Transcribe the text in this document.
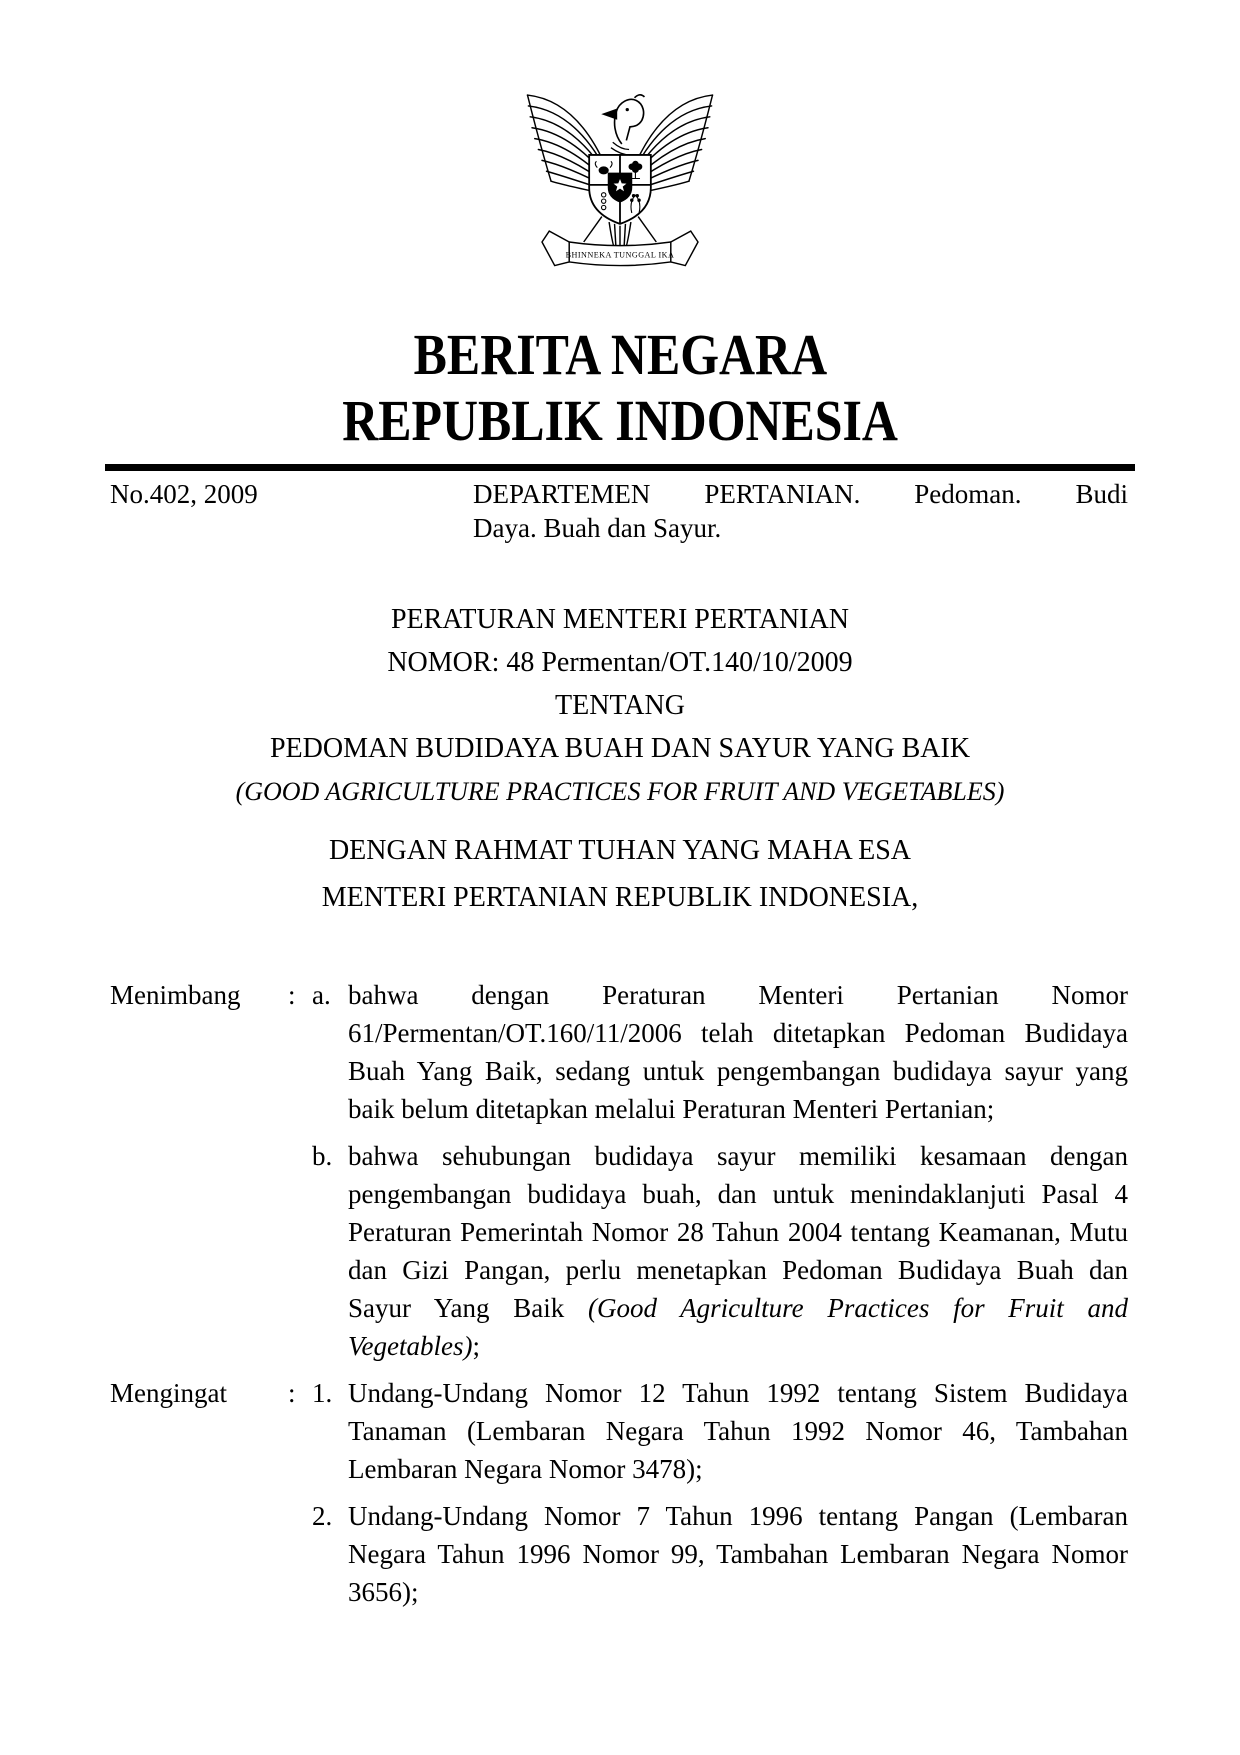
BHINNEKA TUNGGAL IKA
BERITA NEGARA
REPUBLIK INDONESIA
No.402, 2009	DEPARTEMEN PERTANIAN. Pedoman. Budi
Daya. Buah dan Sayur.
PERATURAN MENTERI PERTANIAN
NOMOR: 48 Permentan/OT.140/10/2009
TENTANG
PEDOMAN BUDIDAYA BUAH DAN SAYUR YANG BAIK
(GOOD AGRICULTURE PRACTICES FOR FRUIT AND VEGETABLES)
DENGAN RAHMAT TUHAN YANG MAHA ESA
MENTERI PERTANIAN REPUBLIK INDONESIA,
Menimbang	: a. bahwa dengan Peraturan Menteri Pertanian Nomor 61/Permentan/OT.160/11/2006 telah ditetapkan Pedoman Budidaya Buah Yang Baik, sedang untuk pengembangan budidaya sayur yang baik belum ditetapkan melalui Peraturan Menteri Pertanian;

b. bahwa sehubungan budidaya sayur memiliki kesamaan dengan pengembangan budidaya buah, dan untuk menindaklanjuti Pasal 4 Peraturan Pemerintah Nomor 28 Tahun 2004 tentang Keamanan, Mutu dan Gizi Pangan, perlu menetapkan Pedoman Budidaya Buah dan Sayur Yang Baik (Good Agriculture Practices for Fruit and Vegetables);

Mengingat	: 1. Undang-Undang Nomor 12 Tahun 1992 tentang Sistem Budidaya Tanaman (Lembaran Negara Tahun 1992 Nomor 46, Tambahan Lembaran Negara Nomor 3478);

2. Undang-Undang Nomor 7 Tahun 1996 tentang Pangan (Lembaran Negara Tahun 1996 Nomor 99, Tambahan Lembaran Negara Nomor 3656);
